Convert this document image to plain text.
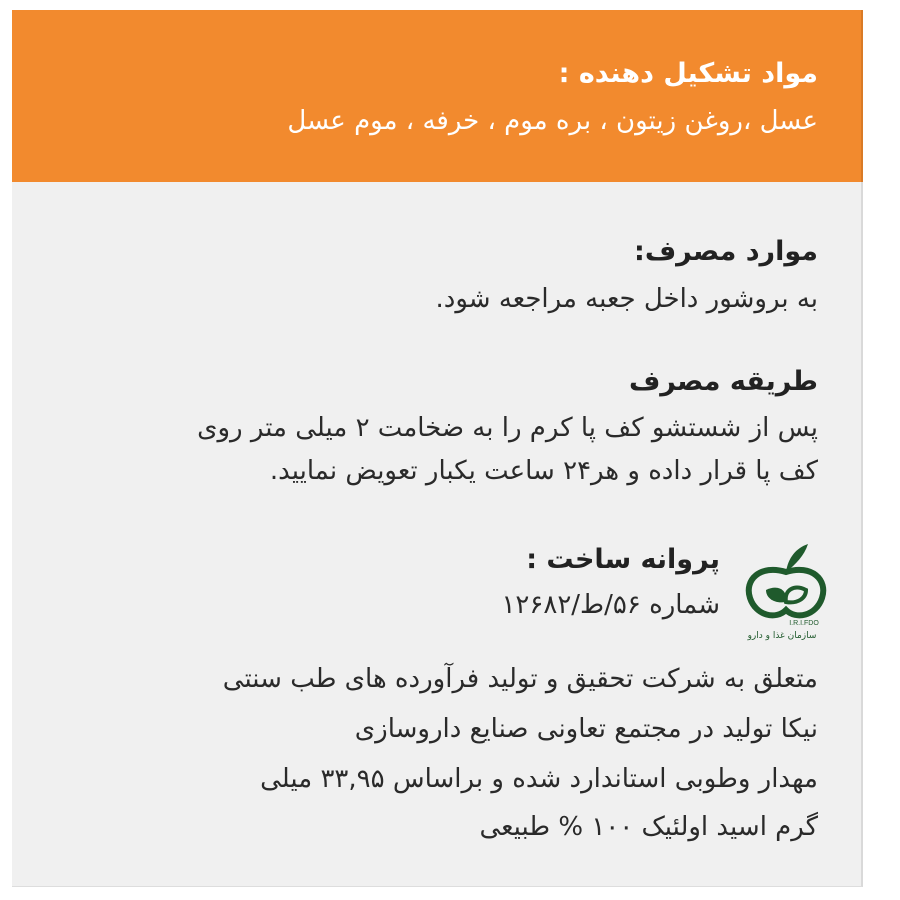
مواد تشکیل دهنده :
عسل ،روغن زیتون ، بره موم ، خرفه ، موم عسل
موارد مصرف:
به بروشور داخل جعبه مراجعه شود.
طریقه مصرف
پس از شستشو کف پا کرم را به ضخامت ۲ میلی متر روی
کف پا قرار داده و هر۲۴ ساعت یکبار تعویض نمایید.
I.R.I.FDO
سازمان غذا و دارو
پروانه ساخت :
شماره ۵۶/ط/۱۲۶۸۲
متعلق به شرکت تحقیق و تولید فرآورده های طب سنتی
نیکا تولید در مجتمع تعاونی صنایع داروسازی
مهدار وطوبی استاندارد شده و براساس ۳۳,۹۵ میلی
گرم اسید اولئیک ۱۰۰ % طبیعی
